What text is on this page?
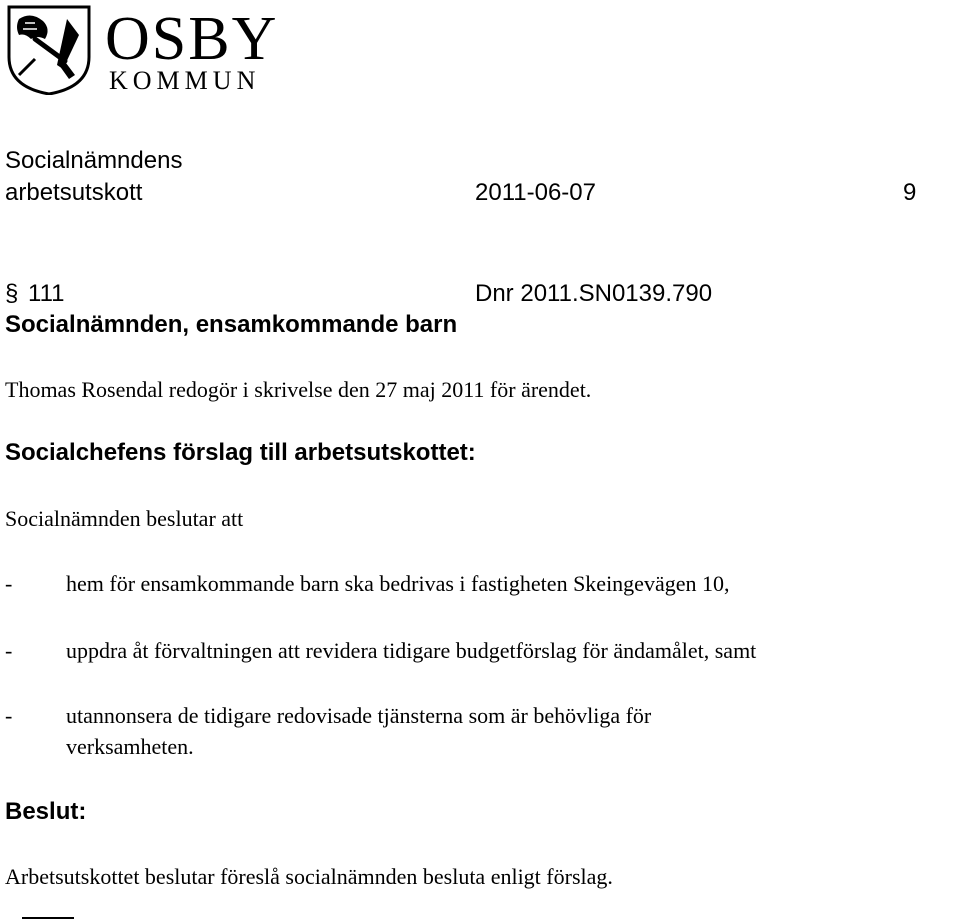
OSBY
KOMMUN
Socialnämndens
arbetsutskott	2011-06-07	9
§ 111	Dnr 2011.SN0139.790
Socialnämnden, ensamkommande barn
Thomas Rosendal redogör i skrivelse den 27 maj 2011 för ärendet.
Socialchefens förslag till arbetsutskottet:
Socialnämnden beslutar att
- hem för ensamkommande barn ska bedrivas i fastigheten Skeingevägen 10,
- uppdra åt förvaltningen att revidera tidigare budgetförslag för ändamålet, samt
- utannonsera de tidigare redovisade tjänsterna som är behövliga för
verksamheten.
Beslut:
Arbetsutskottet beslutar föreslå socialnämnden besluta enligt förslag.
